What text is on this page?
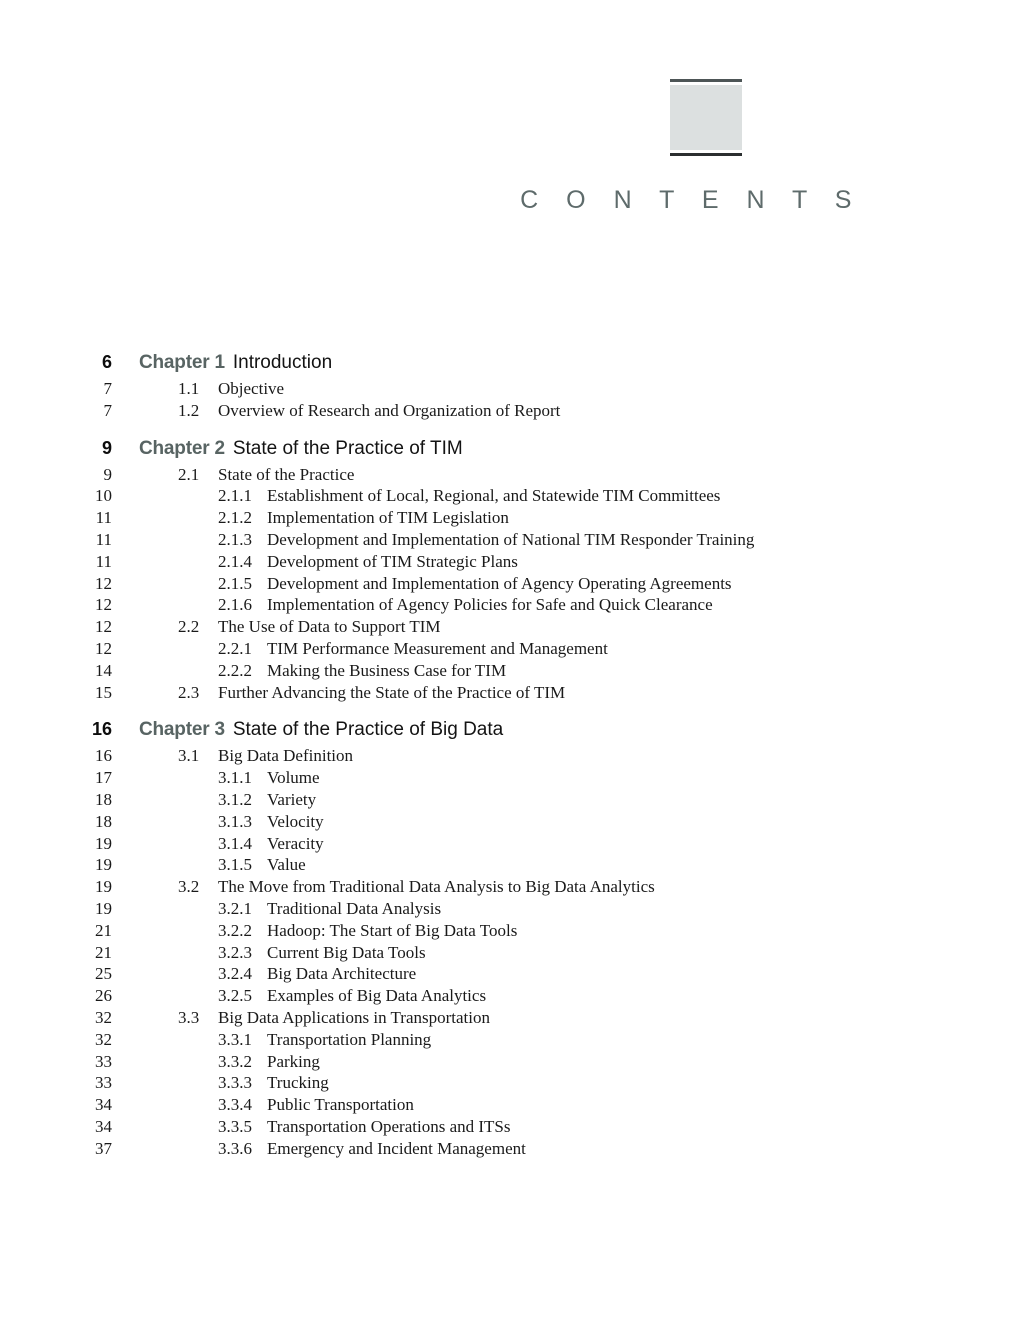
C O N T E N T S
6 Chapter 1 Introduction
7	1.1	Objective
7	1.2	Overview of Research and Organization of Report
9 Chapter 2 State of the Practice of TIM
9	2.1	State of the Practice
10	2.1.1 Establishment of Local, Regional, and Statewide TIM Committees
11	2.1.2 Implementation of TIM Legislation
11	2.1.3 Development and Implementation of National TIM Responder Training
11	2.1.4 Development of TIM Strategic Plans
12	2.1.5 Development and Implementation of Agency Operating Agreements
12	2.1.6 Implementation of Agency Policies for Safe and Quick Clearance
12	2.2	The Use of Data to Support TIM
12	2.2.1 TIM Performance Measurement and Management
14	2.2.2 Making the Business Case for TIM
15	2.3	Further Advancing the State of the Practice of TIM
16 Chapter 3 State of the Practice of Big Data
16	3.1	Big Data Definition
17	3.1.1 Volume
18	3.1.2 Variety
18	3.1.3 Velocity
19	3.1.4 Veracity
19	3.1.5 Value
19	3.2	The Move from Traditional Data Analysis to Big Data Analytics
19	3.2.1 Traditional Data Analysis
21	3.2.2 Hadoop: The Start of Big Data Tools
21	3.2.3 Current Big Data Tools
25	3.2.4 Big Data Architecture
26	3.2.5 Examples of Big Data Analytics
32	3.3	Big Data Applications in Transportation
32	3.3.1 Transportation Planning
33	3.3.2 Parking
33	3.3.3 Trucking
34	3.3.4 Public Transportation
34	3.3.5 Transportation Operations and ITSs
37	3.3.6 Emergency and Incident Management
